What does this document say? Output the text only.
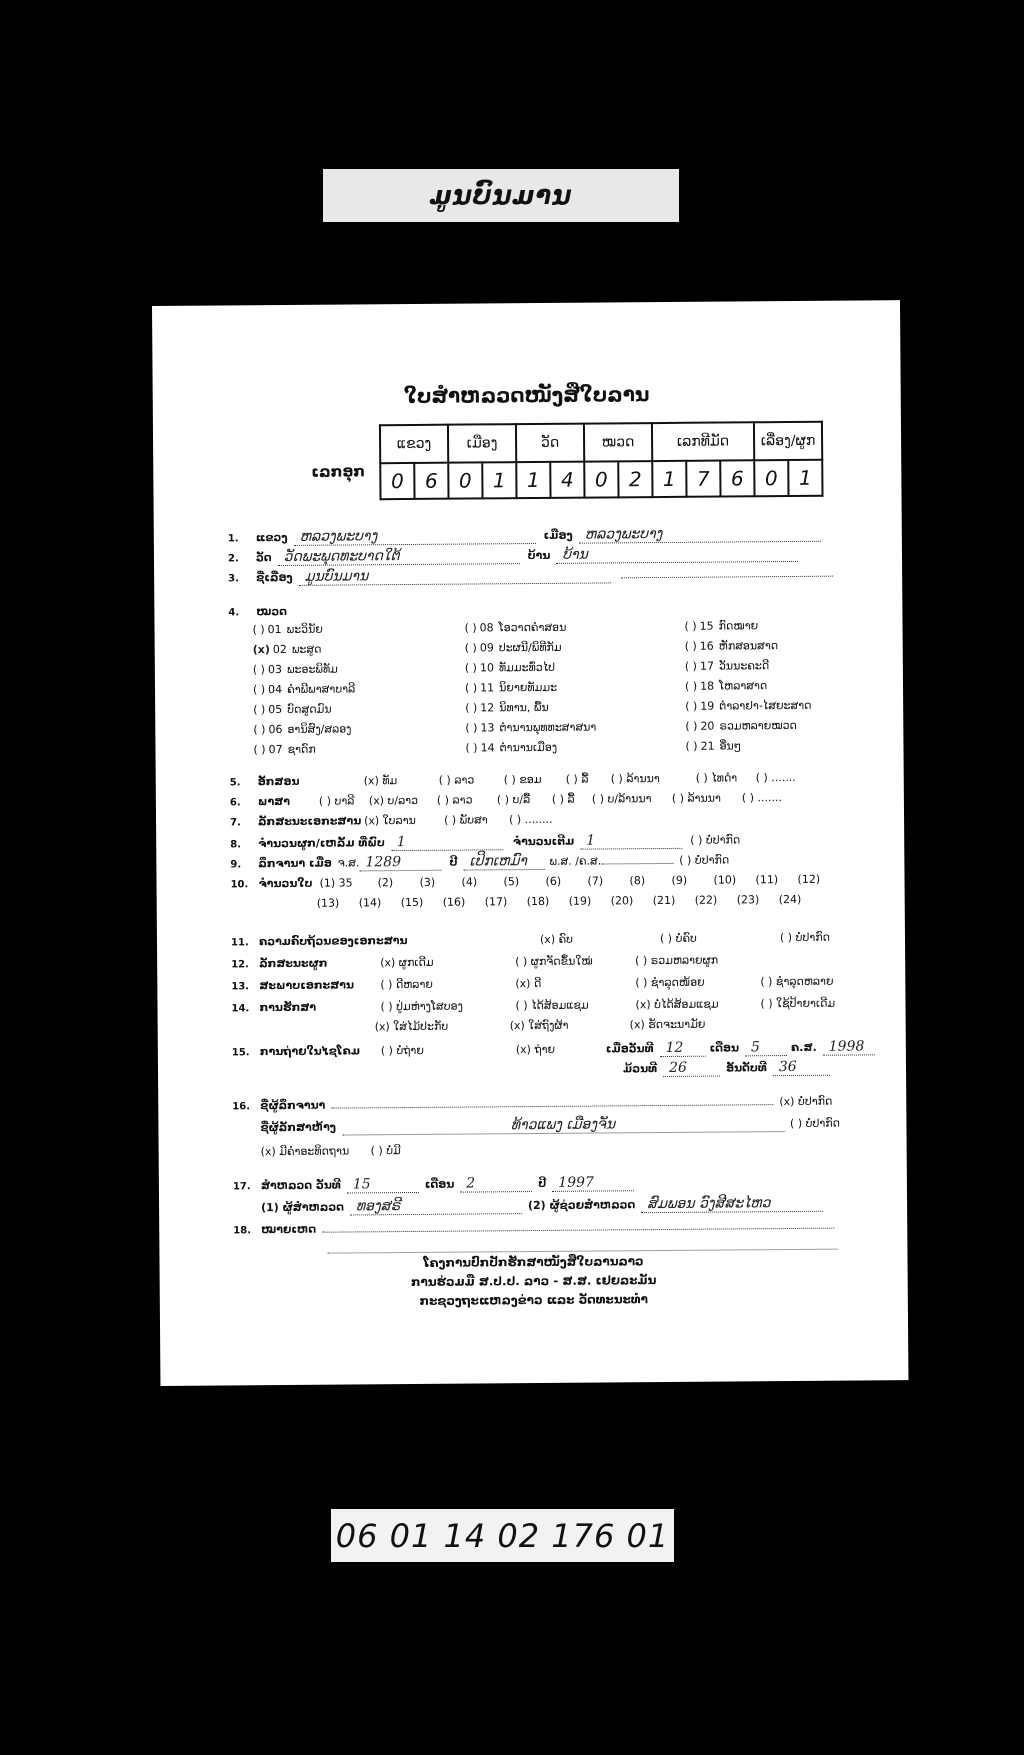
ມູນບົນມານ
ໃບສຳຫລວດໜັງສືໃບລານ
ເລກອຸກ
ແຂວງ		ເມືອງ		ວັດ		ໝວດ		ເລກທີມັດ			ເລື່ອງ/ຜູກ	
0	6	0	1	1	4	0	2	1	7	6	0	1
1.	ແຂວງ ຫລວງພະບາງ	ເມືອງ ຫລວງພະບາງ
2.	ວັດ ວັດພະພຸດທະບາດໃຕ້	ບ້ານ ບ້ານ
3.	ຊື່ເລື່ອງ ມູນບົນມານ
4.	ໝວດ
( ) 01 ພະວິນັຍ
(x) 02 ພະສູດ
( ) 03 ພະອະພິທັມ
( ) 04 ຄຳພີພາສາບາລີ
( ) 05 ບົດສູດມົນ
( ) 06 ອານິສົງ/ສລອງ
( ) 07 ຊາດົກ
( ) 08 ໂອວາດຄຳສອນ
( ) 09 ປະຜນີ/ພິທີກັມ
( ) 10 ທັມມະທົ່ວໄປ
( ) 11 ນິຍາຍທັມມະ
( ) 12 ນິທານ, ພື້ນ
( ) 13 ຕຳນານພຸທທະສາສນາ
( ) 14 ຕຳນານເມືອງ
( ) 15 ກົດໝາຍ
( ) 16 ຫັກສອນສາດ
( ) 17 ວັນນະຄະດີ
( ) 18 ໂຫລາສາດ
( ) 19 ຕຳລາຢາ-ໄສຍະສາດ
( ) 20 ຣວມຫລາຍໝວດ
( ) 21 ອື່ນໆ
5.	ອັກສອນ	(x) ທັມ	( ) ລາວ	( ) ຂອມ	( ) ລື້	( ) ລ້ານນາ	( ) ໄທດຳ	( ) .......
6.	ພາສາ	( ) ບາລີ	(x) ບ/ລາວ	( ) ລາວ	( ) ບ/ລື້	( ) ລື້	( ) ບ/ລ້ານນາ	( ) ລ້ານນາ	( ) .......
7.	ລັກສະນະເອກະສານ (x) ໃບລານ	( ) ພັບສາ	( ) ........
8.	ຈຳນວນຜູກ/ເຫລັ້ມ ທີ່ພົບ 1	ຈຳນວນເຕີມ 1	( ) ບໍ່ປາກົດ
9.	ລຶກຈານາ ເມື່ອ ຈ.ສ. 1289	ປີ ເປິກເຫມົາ	ພ.ສ. /ຄ.ສ.	( ) ບໍ່ປາກົດ
10. ຈຳນວນໃບ (1) 35	(2)	(3)	(4)	(5)	(6)	(7)	(8)	(9)	(10)	(11)	(12)
(13)	(14)	(15)	(16)	(17)	(18)	(19)	(20)	(21)	(22)	(23)	(24)
11. ຄວາມຄົບຖ້ວນຂອງເອກະສານ	(x) ຄົບ	( ) ບໍ່ຄົບ	( ) ບໍ່ປາກົດ
12. ລັກສະນະຜູກ	(x) ຜູກເດີມ	( ) ຜູກຈັດຂຶ້ນໃໝ່	( ) ຣວມຫລາຍຜູກ
13. ສະພາບເອກະສານ	( ) ດີຫລາຍ	(x) ດີ	( ) ຊຳລຸດໜ້ອຍ	( ) ຊຳລຸດຫລາຍ
14. ການຮັກສາ	( ) ປູ່ມຫ່າງໂສບອງ	( ) ໄດ້ສ້ອມແຊມ	(x) ບໍ່ໄດ້ສ້ອມແຊມ	( ) ໃຊ້ປ້າຍາເດີມ
(x) ໃສ່ໄມ້ປະກັບ	(x) ໃສ່ຖົງຜ້າ	(x) ຮັດຈະນາມັຍ
15. ການຖ່າຍໃນໄຊໂຄມ	( ) ບໍ່ຖ່າຍ	(x) ຖ່າຍ	ເມື່ອວັນທີ 12	ເດືອນ 5	ຄ.ສ. 1998
ມ້ວນທີ 26	ອັນດັບທີ 36
16. ຊື່ຜູ້ລຶກຈານາ	(x) ບໍ່ປາກົດ
ຊື່ຜູ້ລັກສາຫ້າງ	ທ້າວແພງ ເມືອງຈັນ	( ) ບໍ່ປາກົດ
(x) ມີຄຳອະທິດຖານ	( ) ບໍ່ມີ
17. ສຳຫລວດ ວັນທີ 15	ເດືອນ 2	ປີ 1997
(1) ຜູ້ສຳຫລວດ ທອງສຣີ	(2) ຜູ້ຊ່ວຍສຳຫລວດ ສົມພອນ ວົງສີສະໄຫວ
18. ໝາຍເຫດ
ໂຄງການປົກປັກຮັກສາໜັງສືໃບລານລາວ
ການຮ່ວມມື ສ.ປ.ປ. ລາວ - ສ.ສ. ເຢຍລະມັນ
ກະຊວງຖະແຫລງຂ່າວ ແລະ ວັດທະນະທຳ
06 01 14 02 176 01
